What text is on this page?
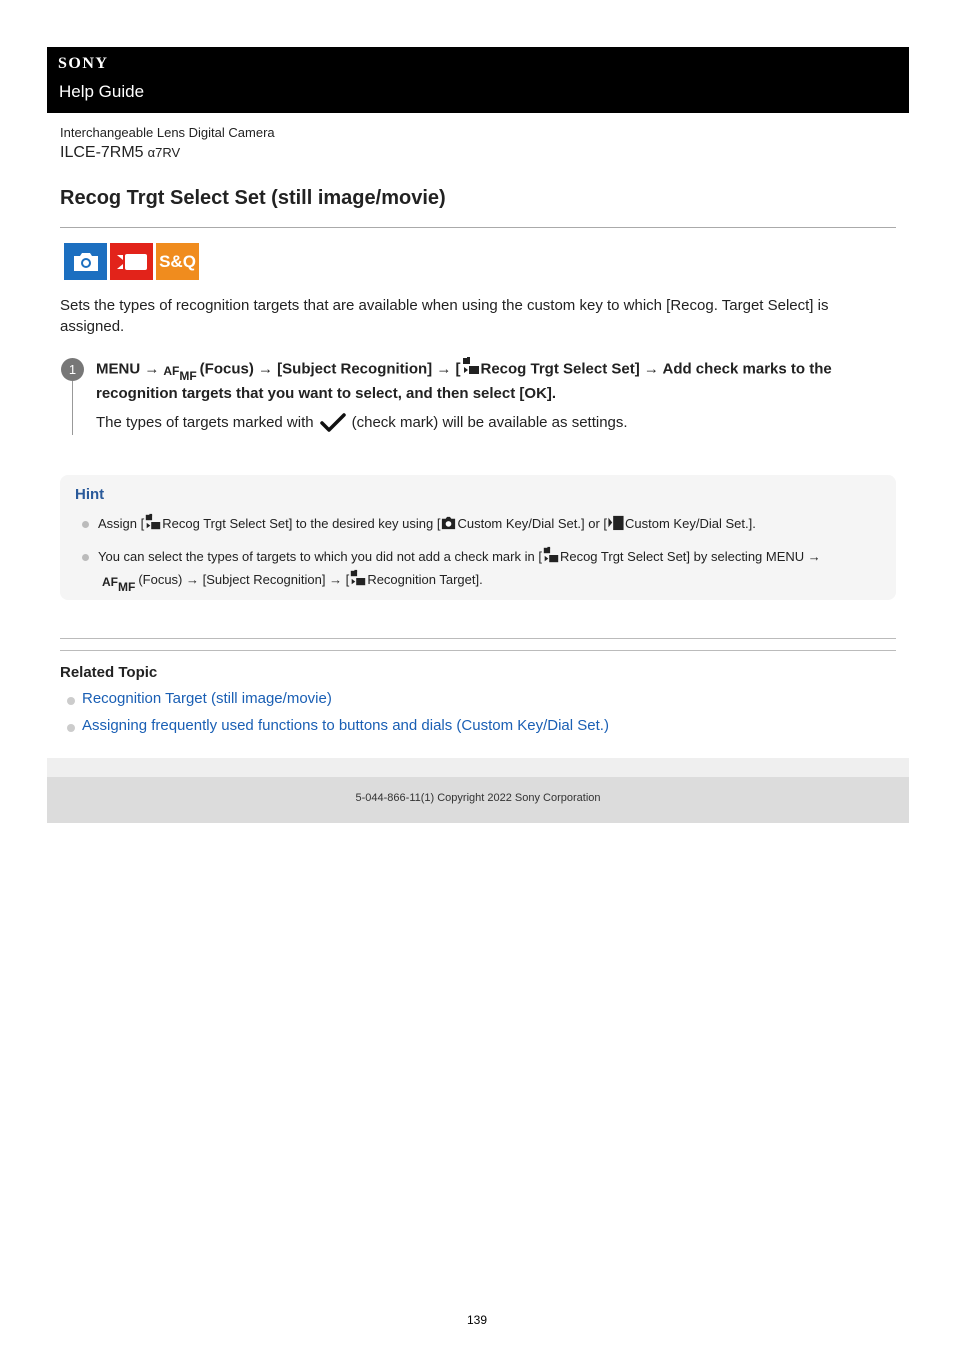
SONY
Help Guide
Interchangeable Lens Digital Camera
ILCE-7RM5 α7RV
Recog Trgt Select Set (still image/movie)
S&Q

Sets the types of recognition targets that are available when using the custom key to which [Recog. Target Select] is assigned.

1	MENU → AFMF (Focus) → [Subject Recognition] → [ Recog Trgt Select Set] → Add check marks to the recognition targets that you want to select, and then select [OK].

The types of targets marked with	(check mark) will be available as settings.
Hint
Assign [ Recog Trgt Select Set] to the desired key using [ Custom Key/Dial Set.] or [ Custom Key/Dial Set.].
You can select the types of targets to which you did not add a check mark in [ Recog Trgt Select Set] by selecting MENU →
AFMF (Focus) → [Subject Recognition] → [ Recognition Target].
Related Topic
Recognition Target (still image/movie)
Assigning frequently used functions to buttons and dials (Custom Key/Dial Set.)
5-044-866-11(1) Copyright 2022 Sony Corporation
139
